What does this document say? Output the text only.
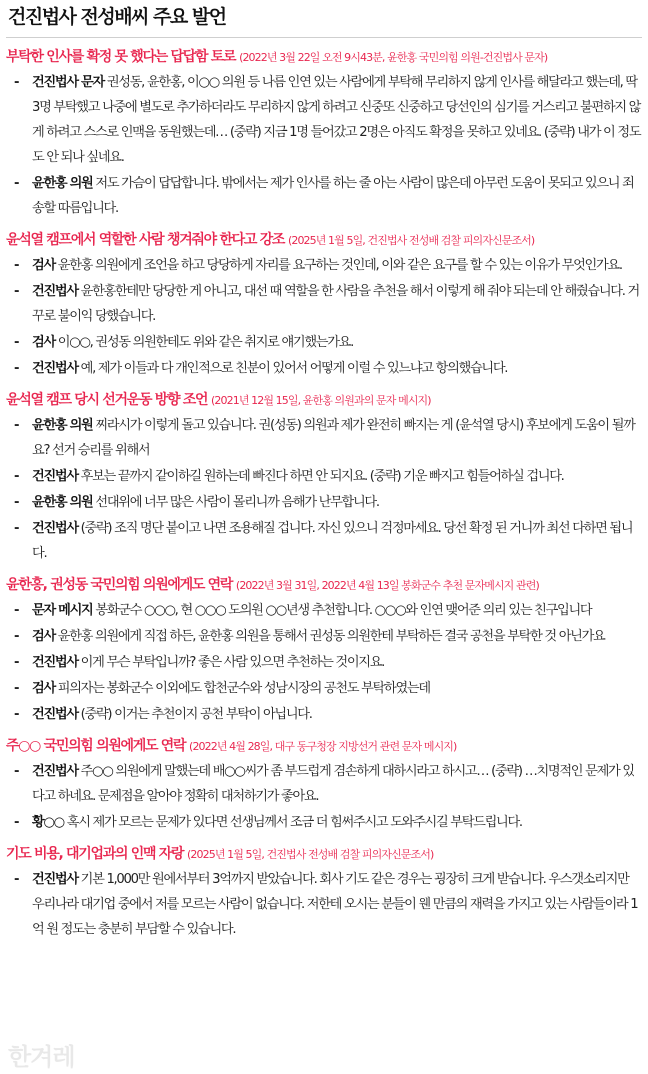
건진법사 전성배씨 주요 발언
부탁한 인사를 확정 못 했다는 답답함 토로 (2022년 3월 22일 오전 9시43분, 윤한홍 국민의힘 의원-건진법사 문자)
- 건진법사 문자 권성동, 윤한홍, 이○○ 의원 등 나름 인연 있는 사람에게 부탁해 무리하지 않게 인사를 해달라고 했는데, 딱 3명 부탁했고 나중에 별도로 추가하더라도 무리하지 않게 하려고 신중또 신중하고 당선인의 심기를 거스리고 불편하지 않게 하려고 스스로 인맥을 동원했는데… (중략) 지금 1명 들어갔고 2명은 아직도 확정을 못하고 있네요. (중략) 내가 이 정도도 안 되나 싶네요.
- 윤한홍 의원 저도 가슴이 답답합니다. 밖에서는 제가 인사를 하는 줄 아는 사람이 많은데 아무런 도움이 못되고 있으니 죄송할 따름입니다.
윤석열 캠프에서 역할한 사람 챙겨줘야 한다고 강조 (2025년 1월 5일, 건진법사 전성배 검찰 피의자신문조서)
- 검사 윤한홍 의원에게 조언을 하고 당당하게 자리를 요구하는 것인데, 이와 같은 요구를 할 수 있는 이유가 무엇인가요.
- 건진법사 윤한홍한테만 당당한 게 아니고, 대선 때 역할을 한 사람을 추천을 해서 이렇게 해 줘야 되는데 안 해줬습니다. 거꾸로 불이익 당했습니다.
- 검사 이○○, 권성동 의원한테도 위와 같은 취지로 얘기했는가요.
- 건진법사 예, 제가 이들과 다 개인적으로 친분이 있어서 어떻게 이럴 수 있느냐고 항의했습니다.
윤석열 캠프 당시 선거운동 방향 조언 (2021년 12월 15일, 윤한홍 의원과의 문자 메시지)
- 윤한홍 의원 찌라시가 이렇게 돌고 있습니다. 권(성동) 의원과 제가 완전히 빠지는 게 (윤석열 당시) 후보에게 도움이 될까요? 선거 승리를 위해서
- 건진법사 후보는 끝까지 같이하길 원하는데 빠진다 하면 안 되지요. (중략) 기운 빠지고 힘들어하실 겁니다.
- 윤한홍 의원 선대위에 너무 많은 사람이 몰리니까 음해가 난무합니다.
- 건진법사 (중략) 조직 명단 붙이고 나면 조용해질 겁니다. 자신 있으니 걱정마세요. 당선 확정 된 거니까 최선 다하면 됩니다.
윤한홍, 권성동 국민의힘 의원에게도 연락 (2022년 3월 31일, 2022년 4월 13일 봉화군수 추천 문자메시지 관련)
- 문자 메시지 봉화군수 ○○○, 현 ○○○ 도의원 ○○년생 추천합니다. ○○○와 인연 맺어준 의리 있는 친구입니다
- 검사 윤한홍 의원에게 직접 하든, 윤한홍 의원을 통해서 권성동 의원한테 부탁하든 결국 공천을 부탁한 것 아닌가요
- 건진법사 이게 무슨 부탁입니까? 좋은 사람 있으면 추천하는 것이지요.
- 검사 피의자는 봉화군수 이외에도 합천군수와 성남시장의 공천도 부탁하였는데
- 건진법사 (중략) 이거는 추천이지 공천 부탁이 아닙니다.
주○○ 국민의힘 의원에게도 연락 (2022년 4월 28일, 대구 동구청장 지방선거 관련 문자 메시지)
- 건진법사 주○○ 의원에게 말했는데 배○○씨가 좀 부드럽게 겸손하게 대하시라고 하시고… (중략) …치명적인 문제가 있다고 하네요. 문제점을 알아야 정확히 대처하기가 좋아요.
- 황○○ 혹시 제가 모르는 문제가 있다면 선생님께서 조금 더 힘써주시고 도와주시길 부탁드립니다.
기도 비용, 대기업과의 인맥 자랑 (2025년 1월 5일, 건진법사 전성배 검찰 피의자신문조서)
- 건진법사 기본 1,000만 원에서부터 3억까지 받았습니다. 회사 기도 같은 경우는 굉장히 크게 받습니다. 우스갯소리지만 우리나라 대기업 중에서 저를 모르는 사람이 없습니다. 저한테 오시는 분들이 웬 만큼의 재력을 가지고 있는 사람들이라 1억 원 정도는 충분히 부담할 수 있습니다.
한겨레
